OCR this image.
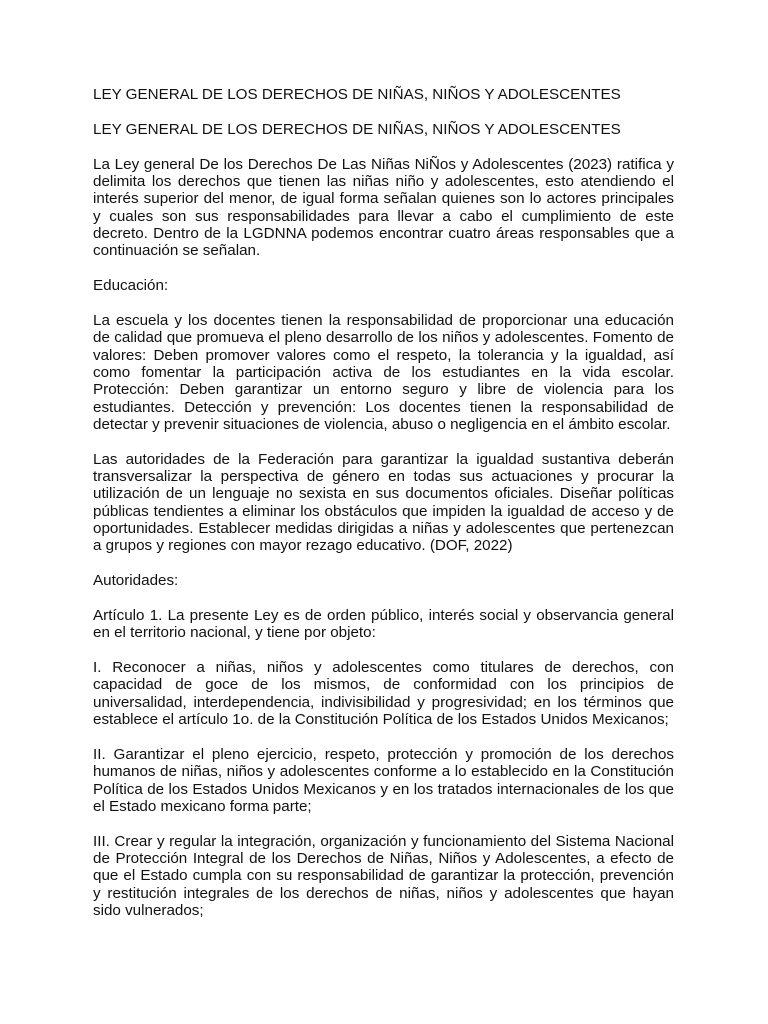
LEY GENERAL DE LOS DERECHOS DE NIÑAS, NIÑOS Y ADOLESCENTES

LEY GENERAL DE LOS DERECHOS DE NIÑAS, NIÑOS Y ADOLESCENTES

La Ley general De los Derechos De Las Niñas NiÑos y Adolescentes (2023) ratifica y delimita los derechos que tienen las niñas niño y adolescentes, esto atendiendo el interés superior del menor, de igual forma señalan quienes son lo actores principales y cuales son sus responsabilidades para llevar a cabo el cumplimiento de este decreto. Dentro de la LGDNNA podemos encontrar cuatro áreas responsables que a continuación se señalan.

Educación:

La escuela y los docentes tienen la responsabilidad de proporcionar una educación de calidad que promueva el pleno desarrollo de los niños y adolescentes. Fomento de valores: Deben promover valores como el respeto, la tolerancia y la igualdad, así como fomentar la participación activa de los estudiantes en la vida escolar. Protección: Deben garantizar un entorno seguro y libre de violencia para los estudiantes. Detección y prevención: Los docentes tienen la responsabilidad de detectar y prevenir situaciones de violencia, abuso o negligencia en el ámbito escolar.

Las autoridades de la Federación para garantizar la igualdad sustantiva deberán transversalizar la perspectiva de género en todas sus actuaciones y procurar la utilización de un lenguaje no sexista en sus documentos oficiales. Diseñar políticas públicas tendientes a eliminar los obstáculos que impiden la igualdad de acceso y de oportunidades. Establecer medidas dirigidas a niñas y adolescentes que pertenezcan a grupos y regiones con mayor rezago educativo. (DOF, 2022)

Autoridades:

Artículo 1. La presente Ley es de orden público, interés social y observancia general en el territorio nacional, y tiene por objeto:

I. Reconocer a niñas, niños y adolescentes como titulares de derechos, con capacidad de goce de los mismos, de conformidad con los principios de universalidad, interdependencia, indivisibilidad y progresividad; en los términos que establece el artículo 1o. de la Constitución Política de los Estados Unidos Mexicanos;

II. Garantizar el pleno ejercicio, respeto, protección y promoción de los derechos humanos de niñas, niños y adolescentes conforme a lo establecido en la Constitución Política de los Estados Unidos Mexicanos y en los tratados internacionales de los que el Estado mexicano forma parte;

III. Crear y regular la integración, organización y funcionamiento del Sistema Nacional de Protección Integral de los Derechos de Niñas, Niños y Adolescentes, a efecto de que el Estado cumpla con su responsabilidad de garantizar la protección, prevención y restitución integrales de los derechos de niñas, niños y adolescentes que hayan sido vulnerados;
